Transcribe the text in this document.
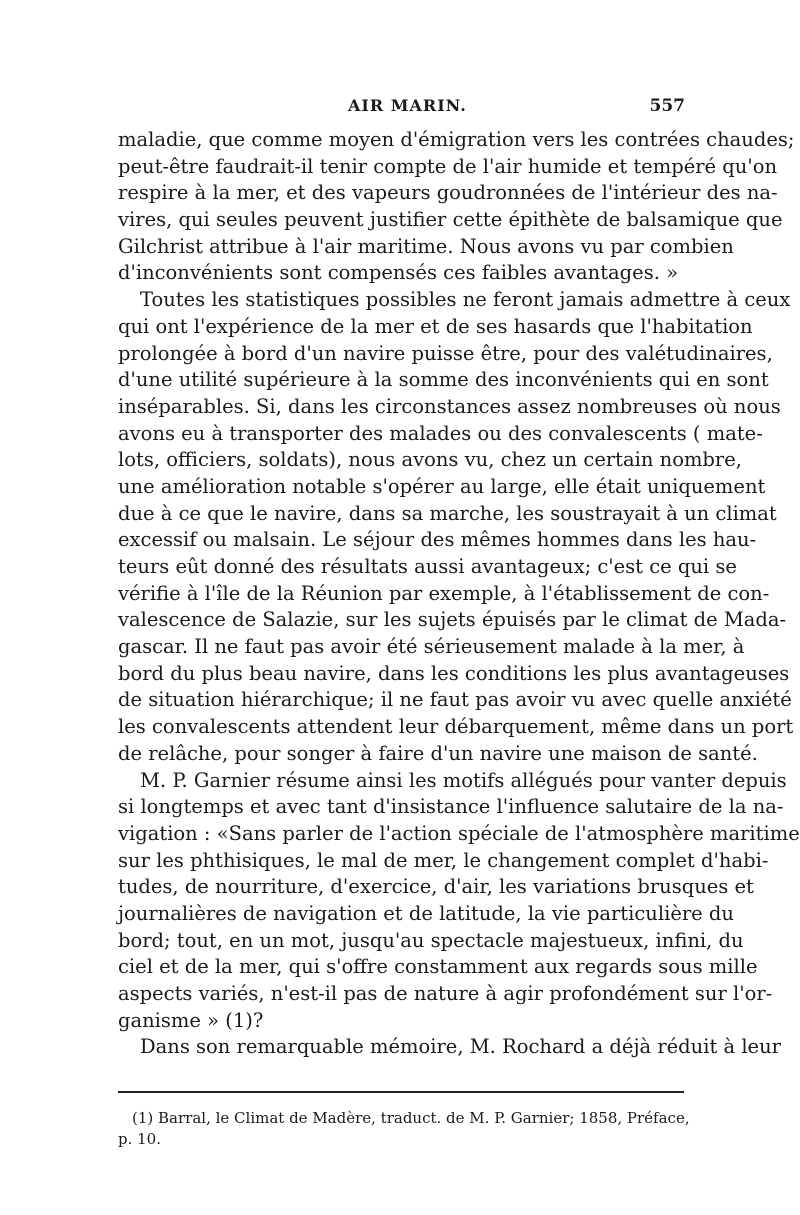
AIR MARIN.	557
maladie, que comme moyen d'émigration vers les contrées chaudes;
peut-être faudrait-il tenir compte de l'air humide et tempéré qu'on
respire à la mer, et des vapeurs goudronnées de l'intérieur des na-
vires, qui seules peuvent justifier cette épithète de balsamique que
Gilchrist attribue à l'air maritime. Nous avons vu par combien
d'inconvénients sont compensés ces faibles avantages. »
Toutes les statistiques possibles ne feront jamais admettre à ceux
qui ont l'expérience de la mer et de ses hasards que l'habitation
prolongée à bord d'un navire puisse être, pour des valétudinaires,
d'une utilité supérieure à la somme des inconvénients qui en sont
inséparables. Si, dans les circonstances assez nombreuses où nous
avons eu à transporter des malades ou des convalescents ( mate-
lots, officiers, soldats), nous avons vu, chez un certain nombre,
une amélioration notable s'opérer au large, elle était uniquement
due à ce que le navire, dans sa marche, les soustrayait à un climat
excessif ou malsain. Le séjour des mêmes hommes dans les hau-
teurs eût donné des résultats aussi avantageux; c'est ce qui se
vérifie à l'île de la Réunion par exemple, à l'établissement de con-
valescence de Salazie, sur les sujets épuisés par le climat de Mada-
gascar. Il ne faut pas avoir été sérieusement malade à la mer, à
bord du plus beau navire, dans les conditions les plus avantageuses
de situation hiérarchique; il ne faut pas avoir vu avec quelle anxiété
les convalescents attendent leur débarquement, même dans un port
de relâche, pour songer à faire d'un navire une maison de santé.
M. P. Garnier résume ainsi les motifs allégués pour vanter depuis
si longtemps et avec tant d'insistance l'influence salutaire de la na-
vigation : «Sans parler de l'action spéciale de l'atmosphère maritime
sur les phthisiques, le mal de mer, le changement complet d'habi-
tudes, de nourriture, d'exercice, d'air, les variations brusques et
journalières de navigation et de latitude, la vie particulière du
bord; tout, en un mot, jusqu'au spectacle majestueux, infini, du
ciel et de la mer, qui s'offre constamment aux regards sous mille
aspects variés, n'est-il pas de nature à agir profondément sur l'or-
ganisme » (1)?
Dans son remarquable mémoire, M. Rochard a déjà réduit à leur
(1) Barral, le Climat de Madère, traduct. de M. P. Garnier; 1858, Préface,
p. 10.
